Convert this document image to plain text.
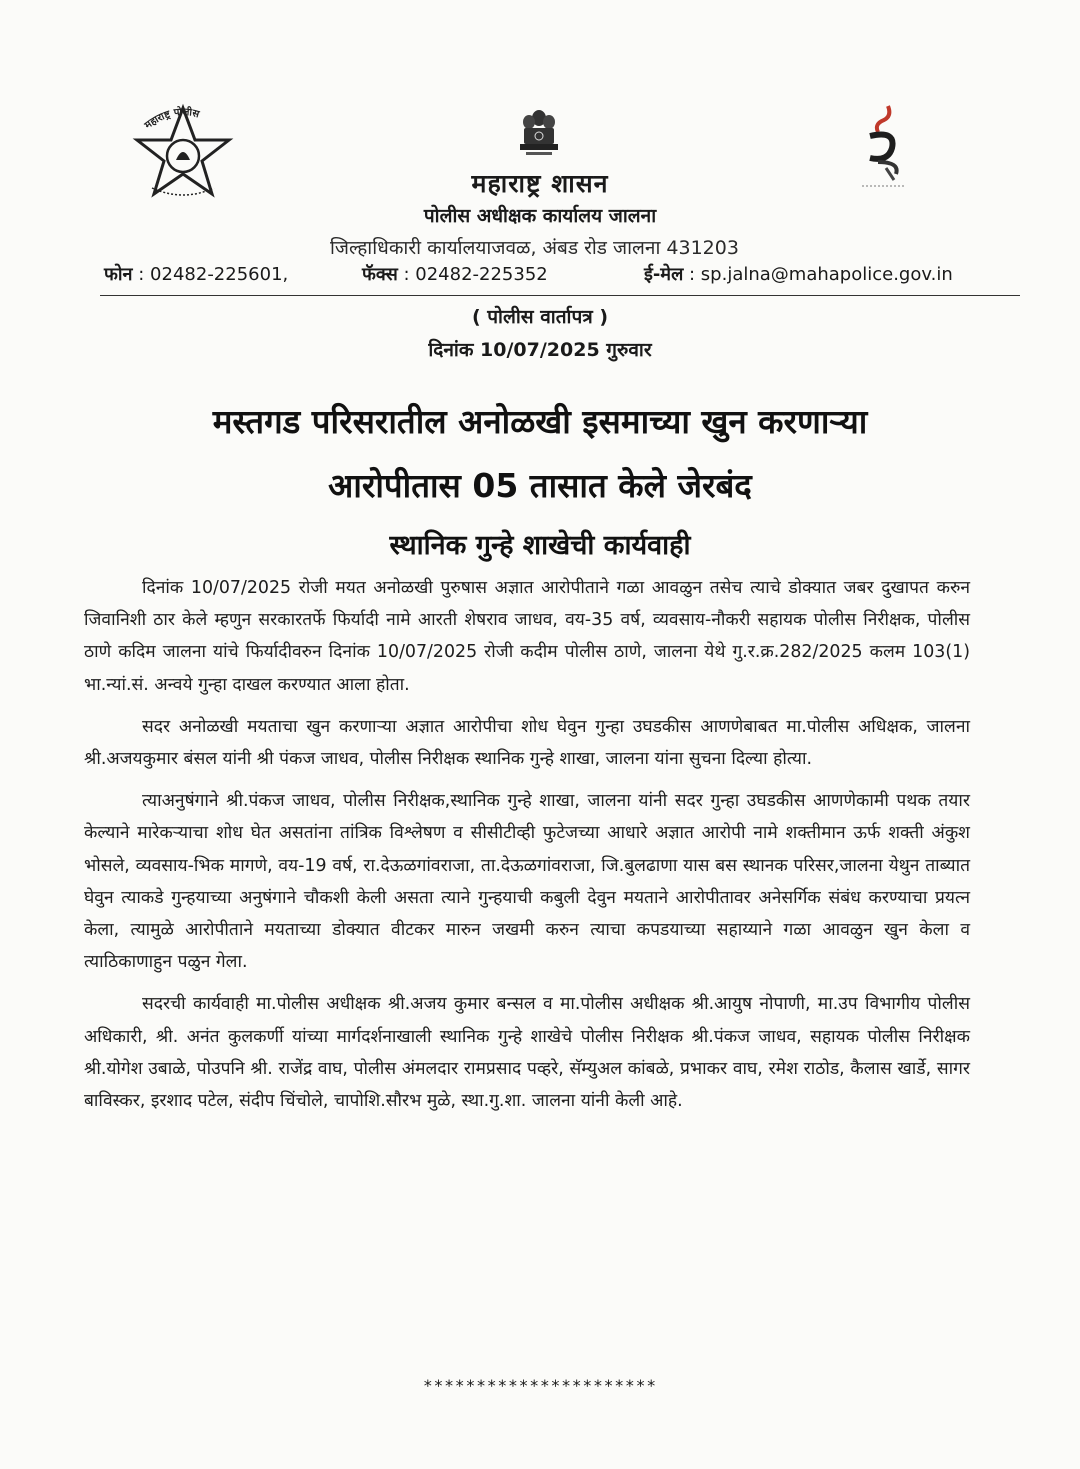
महाराष्ट्र पोलीस
महाराष्ट्र शासन
पोलीस अधीक्षक कार्यालय जालना
जिल्हाधिकारी कार्यालयाजवळ, अंबड रोड जालना 431203
फोन : 02482-225601,	फॅक्स : 02482-225352	ई-मेल : sp.jalna@mahapolice.gov.in
( पोलीस वार्तापत्र )
दिनांक 10/07/2025 गुरुवार
मस्तगड परिसरातील अनोळखी इसमाच्या खुन करणाऱ्या
आरोपीतास 05 तासात केले जेरबंद
स्थानिक गुन्हे शाखेची कार्यवाही

दिनांक 10/07/2025 रोजी मयत अनोळखी पुरुषास अज्ञात आरोपीताने गळा आवळुन तसेच त्याचे डोक्यात जबर दुखापत करुन जिवानिशी ठार केले म्हणुन सरकारतर्फे फिर्यादी नामे आरती शेषराव जाधव, वय-35 वर्ष, व्यवसाय-नौकरी सहायक पोलीस निरीक्षक, पोलीस ठाणे कदिम जालना यांचे फिर्यादीवरुन दिनांक 10/07/2025 रोजी कदीम पोलीस ठाणे, जालना येथे गु.र.क्र.282/2025 कलम 103(1) भा.न्यां.सं. अन्वये गुन्हा दाखल करण्यात आला होता.

सदर अनोळखी मयताचा खुन करणाऱ्या अज्ञात आरोपीचा शोध घेवुन गुन्हा उघडकीस आणणेबाबत मा.पोलीस अधिक्षक, जालना श्री.अजयकुमार बंसल यांनी श्री पंकज जाधव, पोलीस निरीक्षक स्थानिक गुन्हे शाखा, जालना यांना सुचना दिल्या होत्या.

त्याअनुषंगाने श्री.पंकज जाधव, पोलीस निरीक्षक,स्थानिक गुन्हे शाखा, जालना यांनी सदर गुन्हा उघडकीस आणणेकामी पथक तयार केल्याने मारेकऱ्याचा शोध घेत असतांना तांत्रिक विश्लेषण व सीसीटीव्ही फुटेजच्या आधारे अज्ञात आरोपी नामे शक्तीमान ऊर्फ शक्ती अंकुश भोसले, व्यवसाय-भिक मागणे, वय-19 वर्ष, रा.देऊळगांवराजा, ता.देऊळगांवराजा, जि.बुलढाणा यास बस स्थानक परिसर,जालना येथुन ताब्यात घेवुन त्याकडे गुन्हयाच्या अनुषंगाने चौकशी केली असता त्याने गुन्हयाची कबुली देवुन मयताने आरोपीतावर अनेसर्गिक संबंध करण्याचा प्रयत्न केला, त्यामुळे आरोपीताने मयताच्या डोक्यात वीटकर मारुन जखमी करुन त्याचा कपडयाच्या सहाय्याने गळा आवळुन खुन केला व त्याठिकाणाहुन पळुन गेला.

सदरची कार्यवाही मा.पोलीस अधीक्षक श्री.अजय कुमार बन्सल व मा.पोलीस अधीक्षक श्री.आयुष नोपाणी, मा.उप विभागीय पोलीस अधिकारी, श्री. अनंत कुलकर्णी यांच्या मार्गदर्शनाखाली स्थानिक गुन्हे शाखेचे पोलीस निरीक्षक श्री.पंकज जाधव, सहायक पोलीस निरीक्षक श्री.योगेश उबाळे, पोउपनि श्री. राजेंद्र वाघ, पोलीस अंमलदार रामप्रसाद पव्हरे, सॅम्युअल कांबळे, प्रभाकर वाघ, रमेश राठोड, कैलास खार्डे, सागर बाविस्कर, इरशाद पटेल, संदीप चिंचोले, चापोशि.सौरभ मुळे, स्था.गु.शा. जालना यांनी केली आहे.

**********************
